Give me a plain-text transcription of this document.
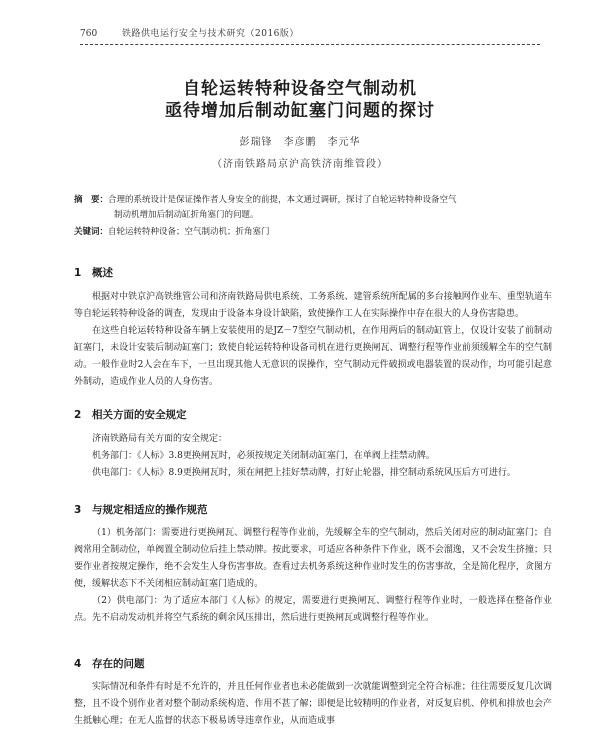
760	铁路供电运行安全与技术研究（2016版）
自轮运转特种设备空气制动机
亟待增加后制动缸塞门问题的探讨
彭瑞锋　李彦鹏　李元华
（济南铁路局京沪高铁济南维管段）
摘　要：合理的系统设计是保证操作者人身安全的前提，本文通过调研，探讨了自轮运转特种设备空气
制动机增加后制动缸折角塞门的问题。
关键词：自轮运转特种设备；空气制动机；折角塞门
1 概述

根据对中铁京沪高铁维管公司和济南铁路局供电系统、工务系统、建管系统所配属的多台接触网作业车、重型轨道车等自轮运转特种设备的调查，发现由于设备本身设计缺陷，致使操作工人在实际操作中存在很大的人身伤害隐患。

在这些自轮运转特种设备车辆上安装使用的是JZ－7型空气制动机，在作用两后的制动缸管上，仅设计安装了前制动缸塞门，未设计安装后制动缸塞门；致使自轮运转特种设备司机在进行更换闸瓦、调整行程等作业前须缓解全车的空气制动。一般作业时2人会在车下，一旦出现其他人无意识的误操作，空气制动元件破损或电器装置的误动作，均可能引起意外制动，造成作业人员的人身伤害。

2 相关方面的安全规定

济南铁路局有关方面的安全规定：

机务部门：《人标》3.8更换闸瓦时，必须按规定关闭制动缸塞门，在单阀上挂禁动牌。

供电部门：《人标》8.9更换闸瓦时，须在闸把上挂好禁动牌，打好止轮器，排空制动系统风压后方可进行。

3 与规定相适应的操作规范

（1）机务部门：需要进行更换闸瓦、调整行程等作业前，先缓解全车的空气制动，然后关闭对应的制动缸塞门；自阀常用全制动位，单阀置全制动位后挂上禁动牌。按此要求，可适应各种条件下作业，既不会溜逸，又不会发生挤撞；只要作业者按规定操作，绝不会发生人身伤害事故。查看过去机务系统这种作业时发生的伤害事故，全是简化程序，贪图方便，缓解状态下不关闭相应制动缸塞门造成的。

（2）供电部门：为了适应本部门《人标》的规定，需要进行更换闸瓦、调整行程等作业时，一般选择在整备作业点。先不启动发动机并将空气系统的剩余风压排出，然后进行更换闸瓦或调整行程等作业。

4 存在的问题

实际情况和条件有时是不允许的，并且任何作业者也未必能做到一次就能调整到完全符合标准；往往需要反复几次调整，且不设个别作业者对整个制动系统构造、作用不甚了解；即便是比较精明的作业者，对反复启机、停机和排放也会产生抵触心理；在无人监督的状态下极易诱导违章作业，从而造成事
